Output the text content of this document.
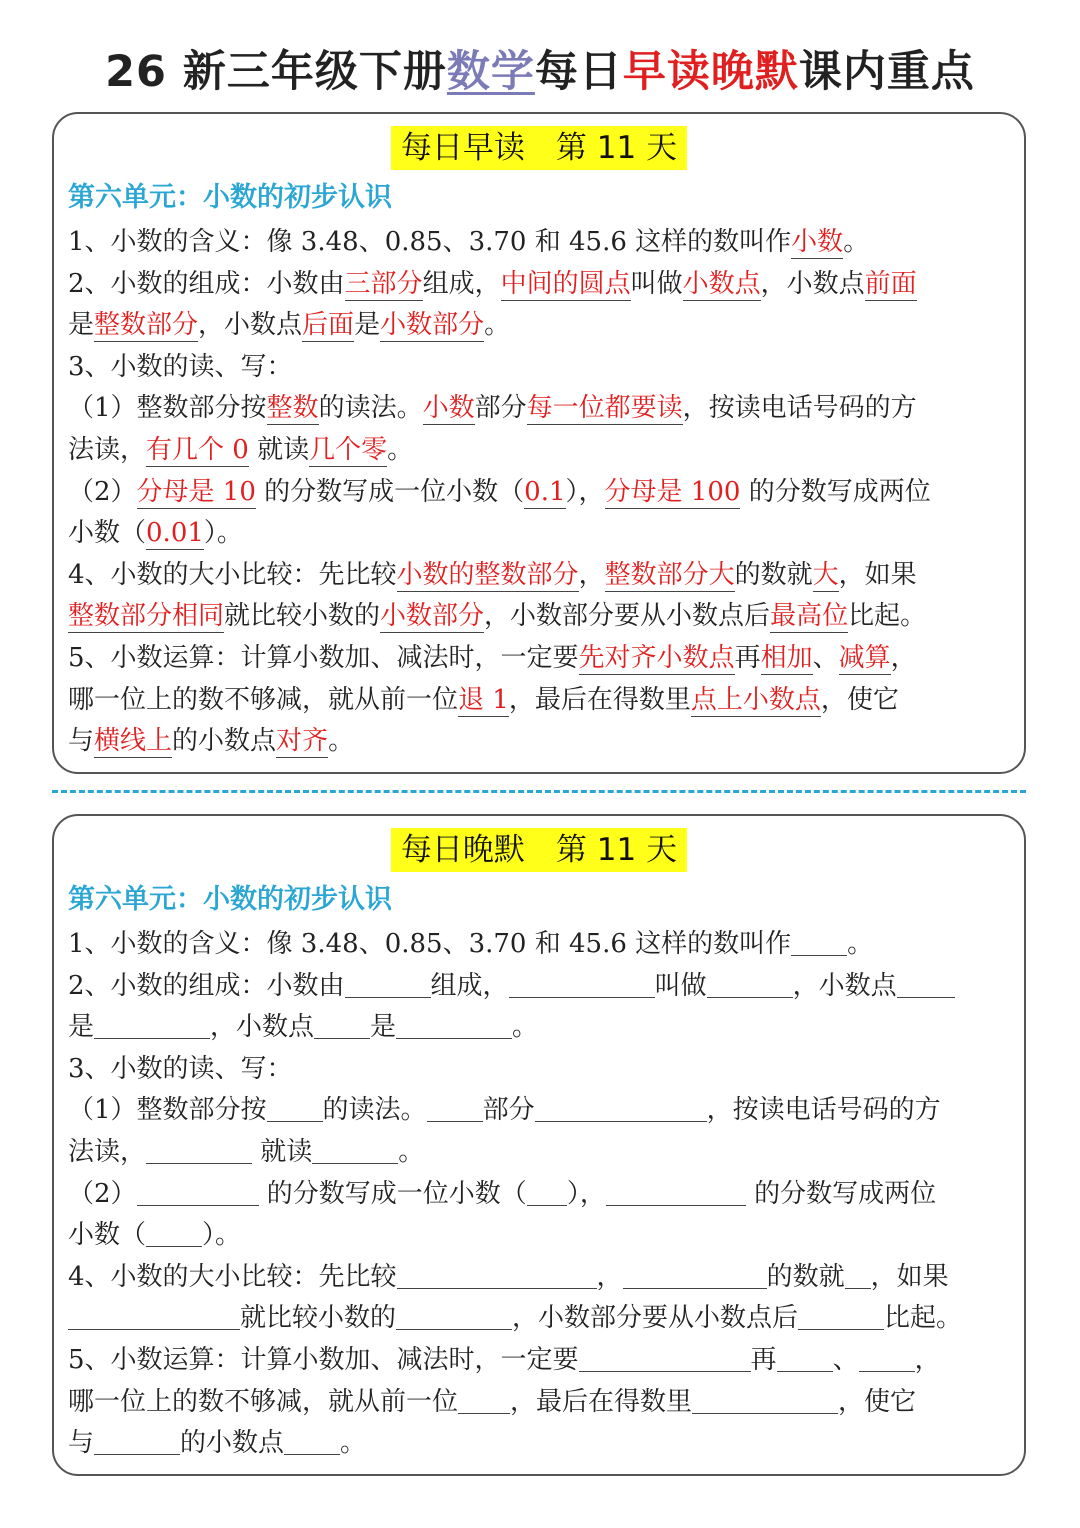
26 新三年级下册数学每日早读晚默课内重点
每日早读　第 11 天
第六单元：小数的初步认识
1、小数的含义：像 3.48、0.85、3.70 和 45.6 这样的数叫作小数。
2、小数的组成：小数由三部分组成，中间的圆点叫做小数点，小数点前面
是整数部分，小数点后面是小数部分。
3、小数的读、写：
（1）整数部分按整数的读法。小数部分每一位都要读，按读电话号码的方
法读，有几个 0 就读几个零。
（2）分母是 10 的分数写成一位小数（0.1），分母是 100 的分数写成两位
小数（0.01）。
4、小数的大小比较：先比较小数的整数部分，整数部分大的数就大，如果
整数部分相同就比较小数的小数部分，小数部分要从小数点后最高位比起。
5、小数运算：计算小数加、减法时，一定要先对齐小数点再相加、减算，
哪一位上的数不够减，就从前一位退 1，最后在得数里点上小数点，使它
与横线上的小数点对齐。
每日晚默　第 11 天
第六单元：小数的初步认识
1、小数的含义：像 3.48、0.85、3.70 和 45.6 这样的数叫作 。
2、小数的组成：小数由	组成，	叫做	，小数点
是	，小数点 是	。
3、小数的读、写：
（1）整数部分按 的读法。 部分	，按读电话号码的方
法读，	就读	。
（2）	的分数写成一位小数（ ），	的分数写成两位
小数（ ）。
4、小数的大小比较：先比较	，	的数就 ，如果
就比较小数的	，小数部分要从小数点后	比起。
5、小数运算：计算小数加、减法时，一定要	再 、 ，
哪一位上的数不够减，就从前一位 ，最后在得数里	，使它
与	的小数点 。
